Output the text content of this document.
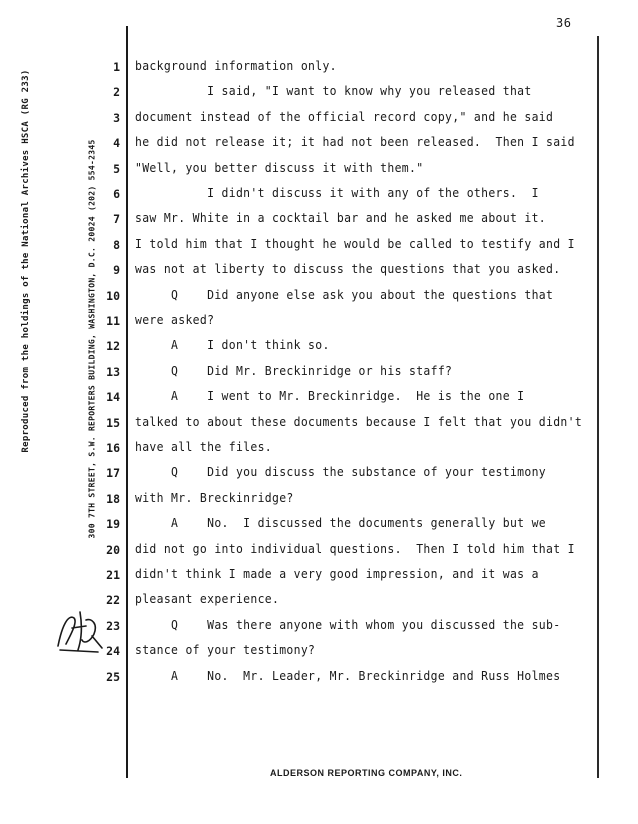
36
Reproduced from the holdings of the National Archives HSCA (RG 233)	300 7TH STREET, S.W. REPORTERS BUILDING, WASHINGTON, D.C. 20024 (202) 554-2345
1 background information only.
2 I said, "I want to know why you released that
3 document instead of the official record copy," and he said
4 he did not release it; it had not been released.  Then I said
5 "Well, you better discuss it with them."
6 I didn't discuss it with any of the others.  I
7 saw Mr. White in a cocktail bar and he asked me about it.
8 I told him that I thought he would be called to testify and I
9 was not at liberty to discuss the questions that you asked.
10 Q    Did anyone else ask you about the questions that
11 were asked?
12 A    I don't think so.
13 Q    Did Mr. Breckinridge or his staff?
14 A    I went to Mr. Breckinridge.  He is the one I
15 talked to about these documents because I felt that you didn't
16 have all the files.
17 Q    Did you discuss the substance of your testimony
18 with Mr. Breckinridge?
19 A    No.  I discussed the documents generally but we
20 did not go into individual questions.  Then I told him that I
21 didn't think I made a very good impression, and it was a
22 pleasant experience.
23 Q    Was there anyone with whom you discussed the sub-
24 stance of your testimony?
25 A    No.  Mr. Leader, Mr. Breckinridge and Russ Holmes
ALDERSON REPORTING COMPANY, INC.
